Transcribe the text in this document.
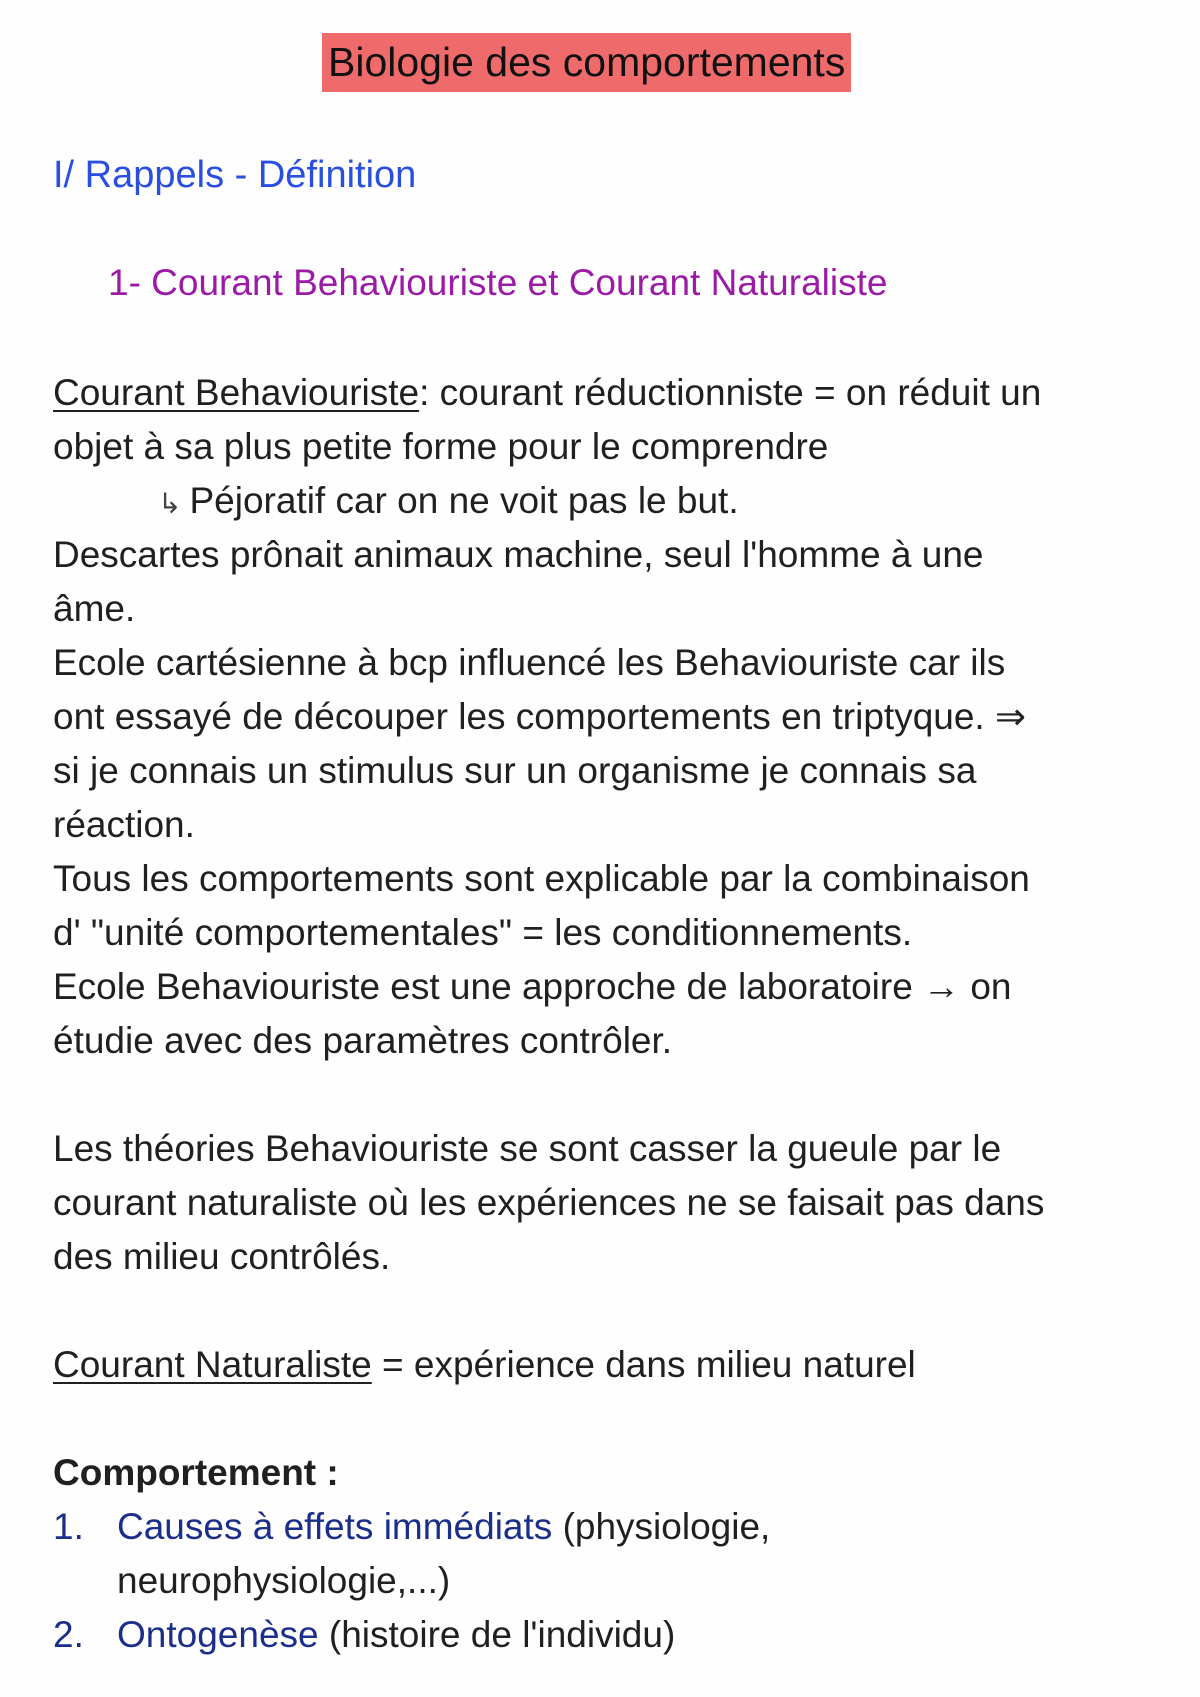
Biologie des comportements
I/ Rappels - Définition
1- Courant Behaviouriste et Courant Naturaliste
Courant Behaviouriste: courant réductionniste = on réduit un
objet à sa plus petite forme pour le comprendre
↳ Péjoratif car on ne voit pas le but.
Descartes prônait animaux machine, seul l'homme à une
âme.
Ecole cartésienne à bcp influencé les Behaviouriste car ils
ont essayé de découper les comportements en triptyque. ⇒
si je connais un stimulus sur un organisme je connais sa
réaction.
Tous les comportements sont explicable par la combinaison
d' "unité comportementales" = les conditionnements.
Ecole Behaviouriste est une approche de laboratoire → on
étudie avec des paramètres contrôler.
Les théories Behaviouriste se sont casser la gueule par le
courant naturaliste où les expériences ne se faisait pas dans
des milieu contrôlés.
Courant Naturaliste = expérience dans milieu naturel
Comportement :
1. Causes à effets immédiats (physiologie,
neurophysiologie,...)
2. Ontogenèse (histoire de l'individu)
